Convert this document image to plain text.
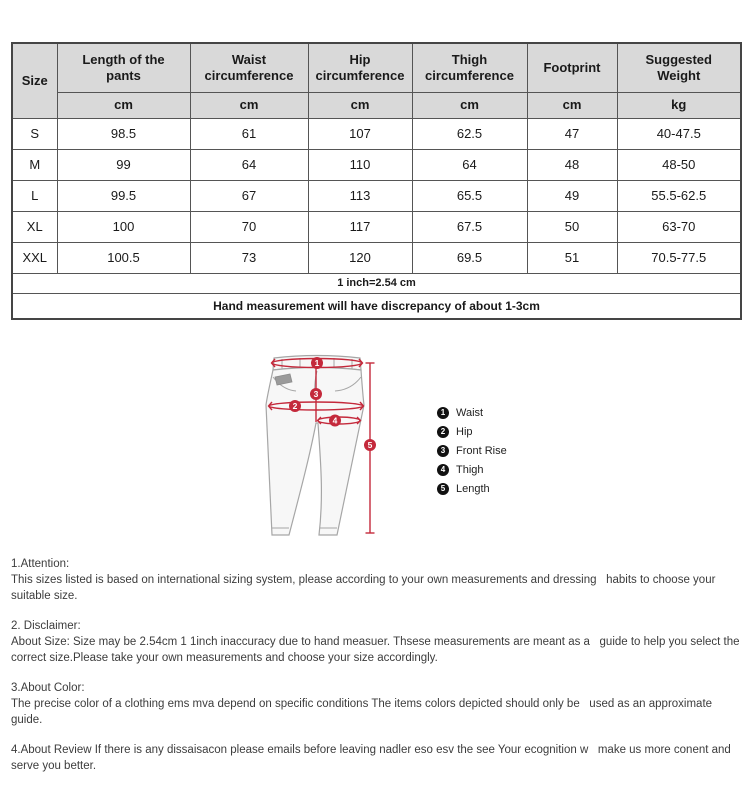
Size	Length of the pants	Waist circumference	Hip circumference	Thigh circumference	Footprint	Suggested Weight
	cm	cm	cm	cm	cm	kg
S	98.5	61	107	62.5	47	40-47.5
M	99	64	110	64	48	48-50
L	99.5	67	113	65.5	49	55.5-62.5
XL	100	70	117	67.5	50	63-70
XXL	100.5	73	120	69.5	51	70.5-77.5
1 inch=2.54 cm						
Hand measurement will have discrepancy of about 1-3cm						
1
2
3
4
5
1 Waist
2 Hip
3 Front Rise
4 Thigh
5 Length

1.Attention:

This sizes listed is based on international sizing system, please according to your own measurements and dressing   habits to choose your suitable size.

2. Disclaimer:

About Size: Size may be 2.54cm 1 1inch inaccuracy due to hand measuer. Thsese measurements are meant as a   guide to help you select the correct size.Please take your own measurements and choose your size accordingly.

3.About Color:

The precise color of a clothing ems mva depend on specific conditions The items colors depicted should only be   used as an approximate guide.

4.About Review If there is any dissaisacon please emails before leaving nadler eso esv the see Your ecognition w   make us more conent and serve you better.
